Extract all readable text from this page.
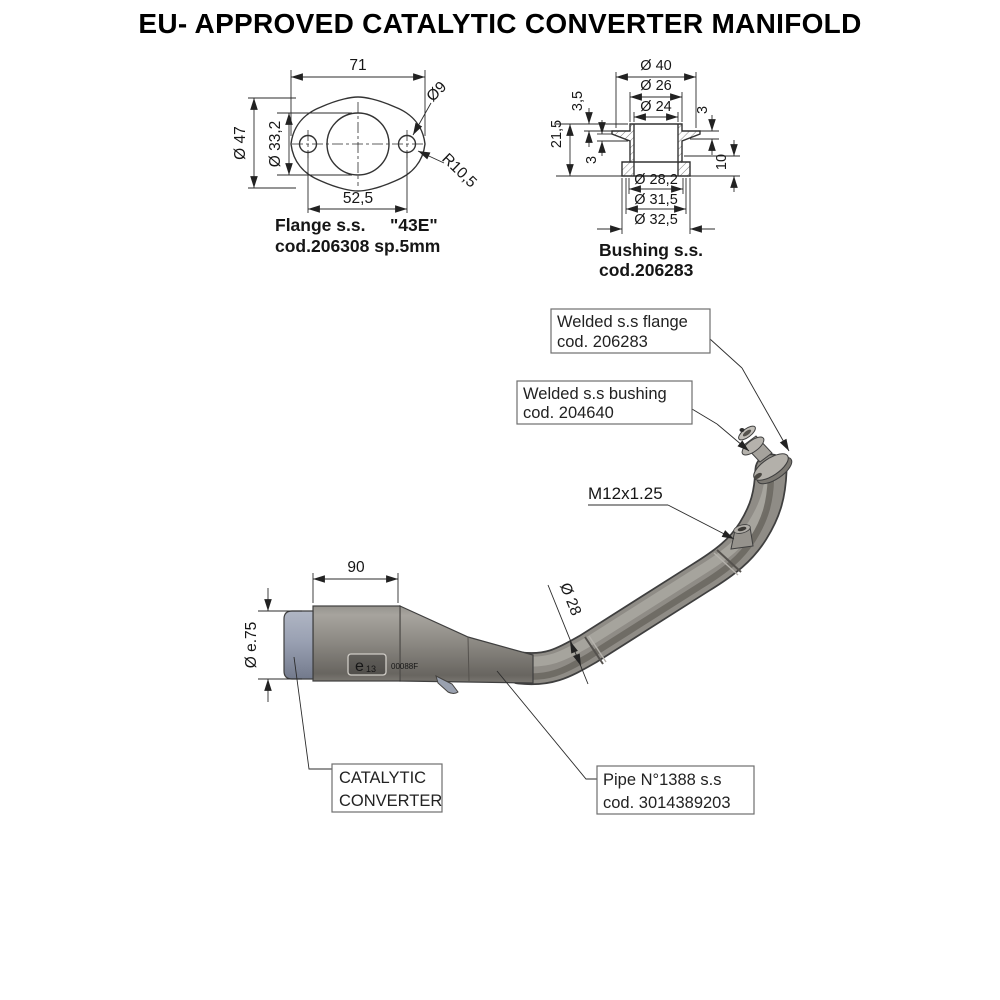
EU- APPROVED CATALYTIC CONVERTER MANIFOLD
71
Ø 47 Ø 33,2
Ø9
R10,5
52,5
Flange s.s. "43E"
cod.206308 sp.5mm
Ø 40
Ø 26
Ø 24
3,5
21,5
3
3
10
Ø 28,2
Ø 31,5
Ø 32,5
Bushing s.s.
cod.206283
e 13 00088F
90
Ø e.75
Ø 28
M12x1.25
Welded s.s flange
cod. 206283
Welded s.s bushing
cod. 204640
CATALYTIC
CONVERTER
Pipe N°1388 s.s
cod. 3014389203
